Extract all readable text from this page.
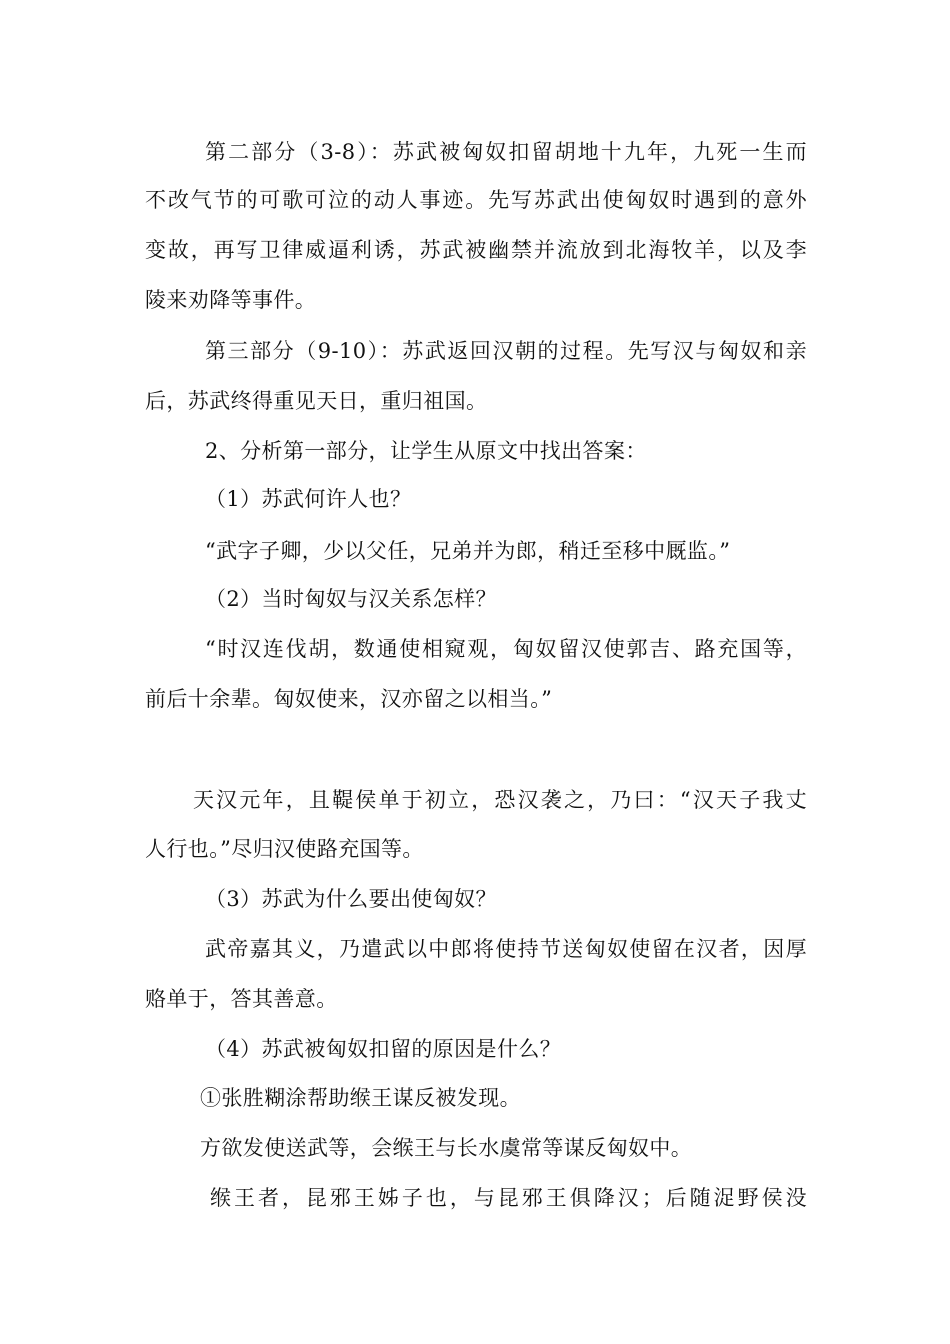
第二部分（3-8）：苏武被匈奴扣留胡地十九年，九死一生而
不改气节的可歌可泣的动人事迹。先写苏武出使匈奴时遇到的意外
变故，再写卫律威逼利诱，苏武被幽禁并流放到北海牧羊，以及李
陵来劝降等事件。
第三部分（9-10）：苏武返回汉朝的过程。先写汉与匈奴和亲
后，苏武终得重见天日，重归祖国。
2、分析第一部分，让学生从原文中找出答案：
（1）苏武何许人也？
“武字子卿，少以父任，兄弟并为郎，稍迁至移中厩监。”
（2）当时匈奴与汉关系怎样？
“时汉连伐胡，数通使相窥观，匈奴留汉使郭吉、路充国等，
前后十余辈。匈奴使来，汉亦留之以相当。”
天汉元年，且鞮侯单于初立，恐汉袭之，乃曰：“汉天子我丈
人行也。”尽归汉使路充国等。
（3）苏武为什么要出使匈奴？
武帝嘉其义，乃遣武以中郎将使持节送匈奴使留在汉者，因厚
赂单于，答其善意。
（4）苏武被匈奴扣留的原因是什么？
①张胜糊涂帮助缑王谋反被发现。
方欲发使送武等，会缑王与长水虞常等谋反匈奴中。
缑王者，昆邪王姊子也，与昆邪王俱降汉；后随浞野侯没
